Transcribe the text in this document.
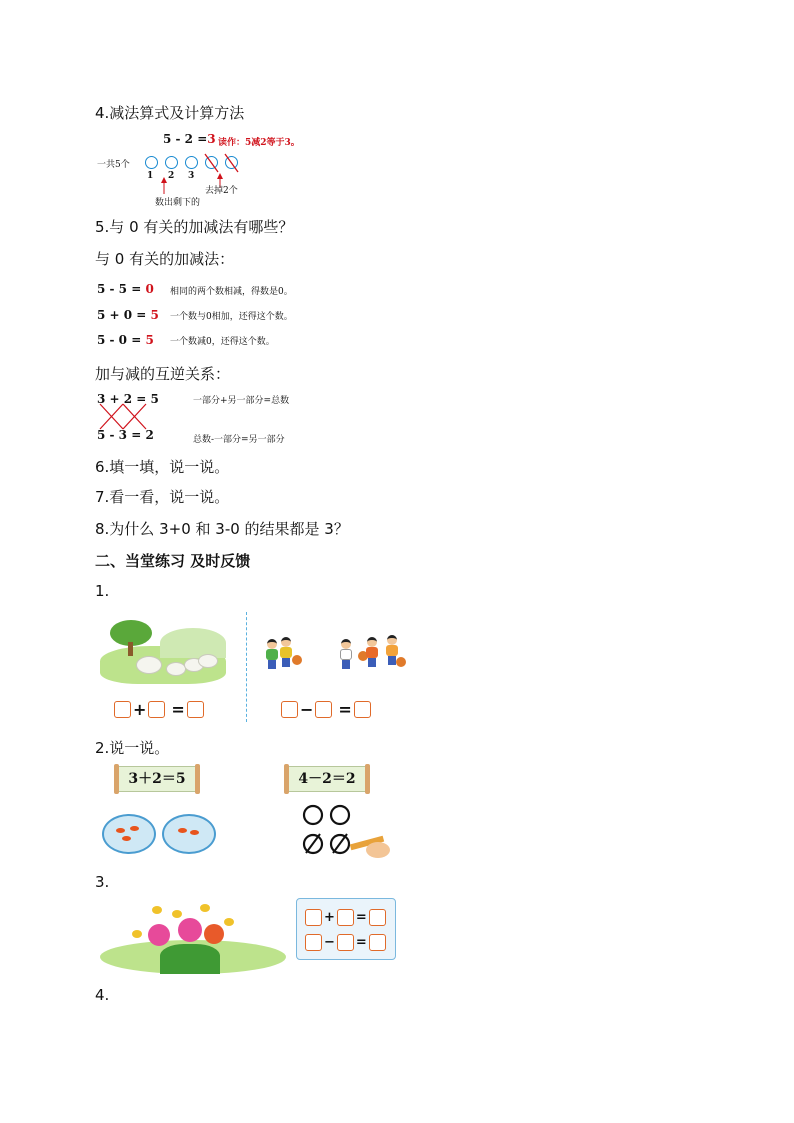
4.减法算式及计算方法
5 - 2 =3 读作：5减2等于3。
一共5个
1 2 3
去掉2个
数出剩下的
5.与 0 有关的加减法有哪些？
与 0 有关的加减法：
5 - 5 = 0 相同的两个数相减，得数是0。
5 + 0 = 5 一个数与0相加，还得这个数。
5 - 0 = 5 一个数减0，还得这个数。
加与减的互逆关系：
3 + 2 = 5
5 - 3 = 2
一部分+另一部分=总数
总数-一部分=另一部分
6.填一填，说一说。
7.看一看，说一说。
8.为什么 3+0 和 3-0 的结果都是 3？
二、当堂练习 及时反馈
1.
+ =	− =
2.说一说。
3＋2＝5	4－2＝2
3.
+ =
− =
4.
